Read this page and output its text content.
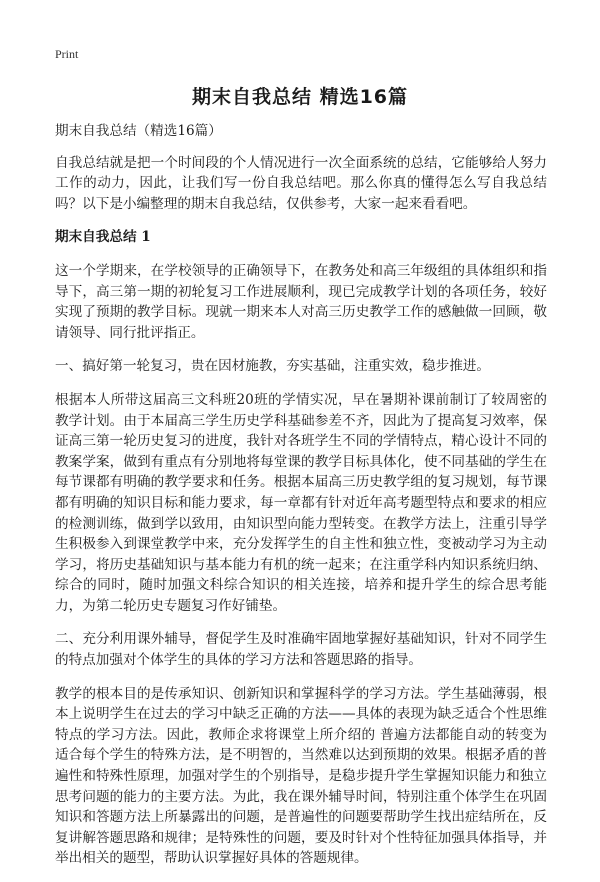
Print
期末自我总结 精选16篇

期末自我总结（精选16篇）

自我总结就是把一个时间段的个人情况进行一次全面系统的总结，它能够给人努力工作的动力，因此，让我们写一份自我总结吧。那么你真的懂得怎么写自我总结吗？以下是小编整理的期末自我总结，仅供参考，大家一起来看看吧。

期末自我总结 1

这一个学期来，在学校领导的正确领导下，在教务处和高三年级组的具体组织和指导下，高三第一期的初轮复习工作进展顺利，现已完成教学计划的各项任务，较好实现了预期的教学目标。现就一期来本人对高三历史教学工作的感触做一回顾，敬请领导、同行批评指正。

一、搞好第一轮复习，贵在因材施教，夯实基础，注重实效，稳步推进。

根据本人所带这届高三文科班20班的学情实况，早在暑期补课前制订了较周密的教学计划。由于本届高三学生历史学科基础参差不齐，因此为了提高复习效率，保证高三第一轮历史复习的进度，我针对各班学生不同的学情特点，精心设计不同的教案学案，做到有重点有分别地将每堂课的教学目标具体化，使不同基础的学生在每节课都有明确的教学要求和任务。根据本届高三历史教学组的复习规划，每节课都有明确的知识目标和能力要求，每一章都有针对近年高考题型特点和要求的相应的检测训练，做到学以致用，由知识型向能力型转变。在教学方法上，注重引导学生积极参入到课堂教学中来，充分发挥学生的自主性和独立性，变被动学习为主动学习，将历史基础知识与基本能力有机的统一起来；在注重学科内知识系统归纳、综合的同时，随时加强文科综合知识的相关连接，培养和提升学生的综合思考能力，为第二轮历史专题复习作好铺垫。

二、充分利用课外辅导，督促学生及时准确牢固地掌握好基础知识，针对不同学生的特点加强对个体学生的具体的学习方法和答题思路的指导。

教学的根本目的是传承知识、创新知识和掌握科学的学习方法。学生基础薄弱，根本上说明学生在过去的学习中缺乏正确的方法——具体的表现为缺乏适合个性思维特点的学习方法。因此，教师企求将课堂上所介绍的 普遍方法都能自动的转变为适合每个学生的特殊方法，是不明智的，当然难以达到预期的效果。根据矛盾的普遍性和特殊性原理，加强对学生的个别指导，是稳步提升学生掌握知识能力和独立思考问题的能力的主要方法。为此，我在课外辅导时间，特别注重个体学生在巩固知识和答题方法上所暴露出的问题，是普遍性的问题要帮助学生找出症结所在，反复讲解答题思路和规律；是特殊性的问题，要及时针对个性特征加强具体指导，并举出相关的题型，帮助认识掌握好具体的答题规律。
